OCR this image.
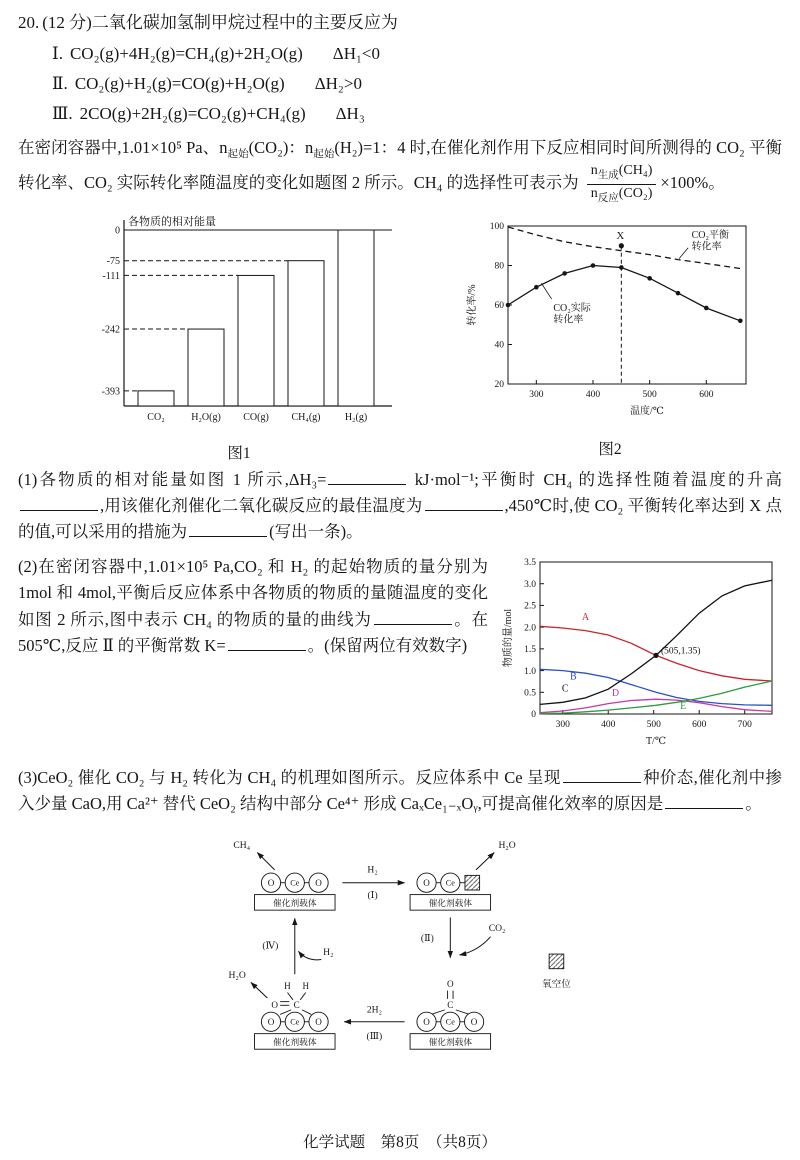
20. (12 分)二氧化碳加氢制甲烷过程中的主要反应为
Ⅰ. CO₂(g)+4H₂(g)=CH₄(g)+2H₂O(g) ΔH₁<0
Ⅱ. CO₂(g)+H₂(g)=CO(g)+H₂O(g) ΔH₂>0
Ⅲ. 2CO(g)+2H₂(g)=CO₂(g)+CH₄(g) ΔH₃

在密闭容器中,1.01×10⁵ Pa、$n_{起始}(CO_2)$：$n_{起始}(H_2)=1$：4 时,在催化剂作用下反应相同时间所测得的 CO₂ 平衡转化率、CO₂ 实际转化率随温度的变化如题图 2 所示。CH₄ 的选择性可表示为 $\frac{n_{生成}(CH_4)}{n_{反应}(CO_2)} \times 100\%$。

各物质的相对能量
CO₂	H₂O(g) CO(g) CH₄(g) H₂(g)
0
-75
-111
-242
-393
图1
300	400	500	600
20
40
60
80
100
X
CO₂实际
转化率
CO₂平衡
转化率
转化率/%
温度/℃
图2

(1)各物质的相对能量如图 1 所示,ΔH₃=	kJ·mol⁻¹;平衡时 CH₄ 的选择性随着温度的升高,用该催化剂催化二氧化碳反应的最佳温度为	,450℃时,使 CO₂ 平衡转化率达到 X 点的值,可以采用的措施为	(写出一条)。

(2)在密闭容器中,1.01×10⁵ Pa,CO₂ 和 H₂ 的起始物质的量分别为 1mol 和 4mol,平衡后反应体系中各物质的物质的量随温度的变化如图 2 所示,图中表示 CH₄ 的物质的量的曲线为	。在 505℃,反应 Ⅱ 的平衡常数 K=	。(保留两位有效数字)

300	400	500	600	700
0
0.5
1.0
1.5
2.0
2.5
3.0
3.5
(505,1.35)
A
B
C	D
E
物质的量/mol
T/℃

(3)CeO₂ 催化 CO₂ 与 H₂ 转化为 CH₄ 的机理如图所示。反应体系中 Ce 呈现	种价态,催化剂中掺入少量 CaO,用 Ca²⁺ 替代 CeO₂ 结构中部分 Ce⁴⁺ 形成 CaₓCe₁₋ₓOᵧ,可提高催化效率的原因是	。

H₂
(Ⅰ)
(Ⅱ)
CO₂
2H₂
(Ⅲ)
(Ⅳ)
H₂
CH₄
O Ce O
催化剂载体
H₂O
O Ce
催化剂载体
O
C
O Ce O
催化剂载体
H₂O
H H
O C
O Ce O
催化剂载体
氧空位
化学试题　第8页　（共8页）
